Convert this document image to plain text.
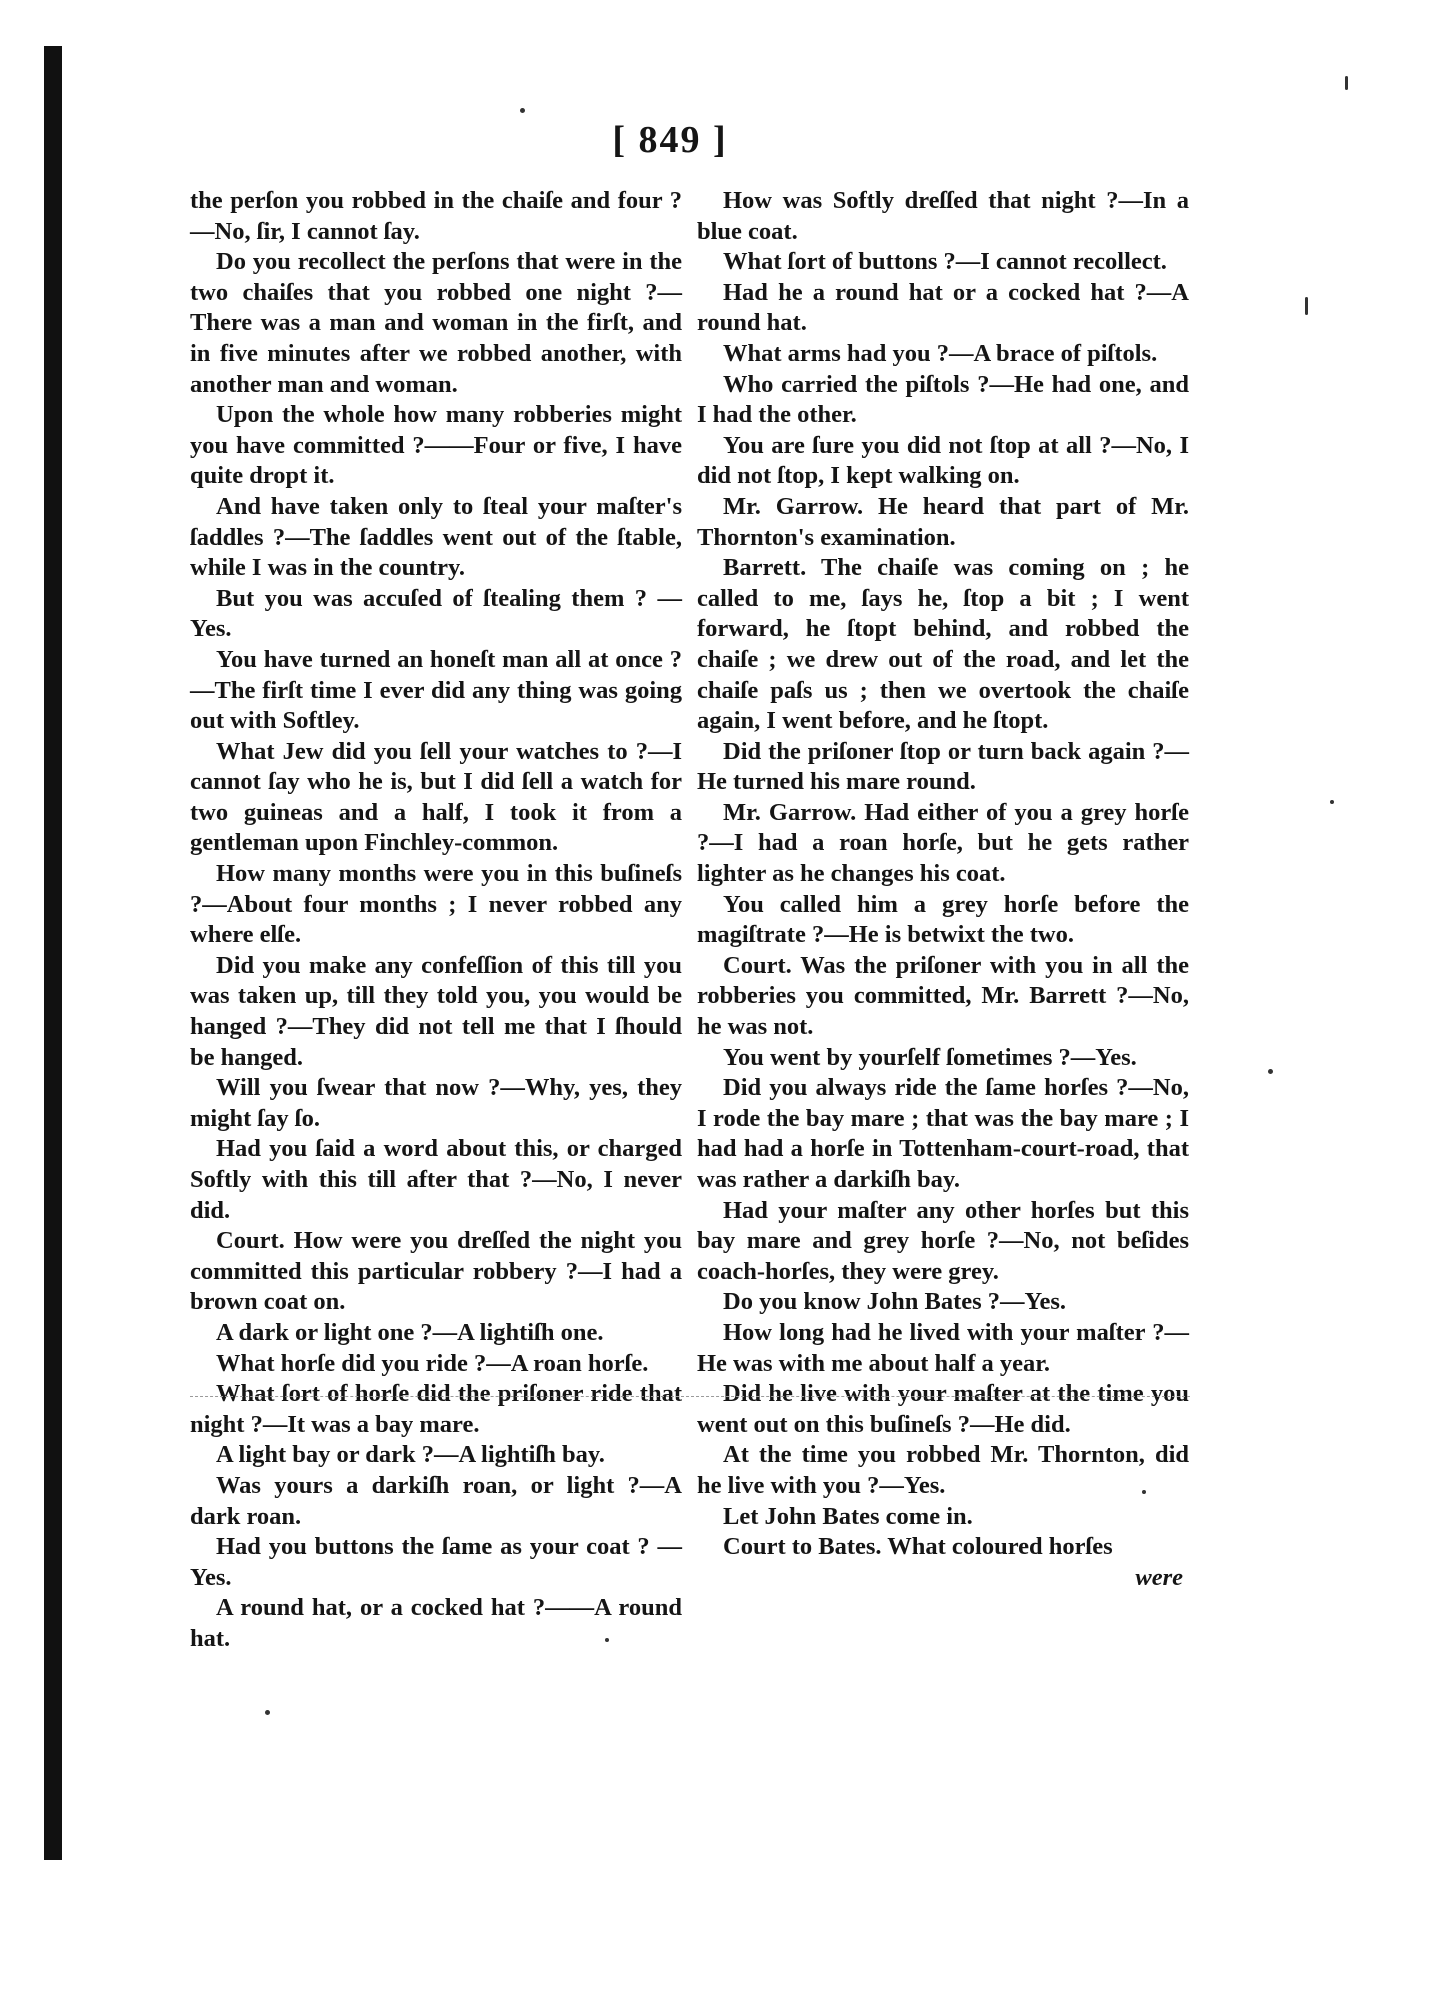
[ 849 ]

the perſon you robbed in the chaiſe and four ?—No, ſir, I cannot ſay.

Do you recollect the perſons that were in the two chaiſes that you robbed one night ?—There was a man and woman in the firſt, and in five minutes after we robbed another, with another man and woman.

Upon the whole how many robberies might you have committed ?——Four or five, I have quite dropt it.

And have taken only to ſteal your maſter's ſaddles ?—The ſaddles went out of the ſtable, while I was in the country.

But you was accuſed of ſtealing them ? —Yes.

You have turned an honeſt man all at once ?—The firſt time I ever did any thing was going out with Softley.

What Jew did you ſell your watches to ?—I cannot ſay who he is, but I did ſell a watch for two guineas and a half, I took it from a gentleman upon Finchley-common.

How many months were you in this buſineſs ?—About four months ; I never robbed any where elſe.

Did you make any confeſſion of this till you was taken up, till they told you, you would be hanged ?—They did not tell me that I ſhould be hanged.

Will you ſwear that now ?—Why, yes, they might ſay ſo.

Had you ſaid a word about this, or charged Softly with this till after that ?—No, I never did.

Court. How were you dreſſed the night you committed this particular robbery ?—I had a brown coat on.

A dark or light one ?—A lightiſh one.

What horſe did you ride ?—A roan horſe.

What ſort of horſe did the priſoner ride that night ?—It was a bay mare.

A light bay or dark ?—A lightiſh bay.

Was yours a darkiſh roan, or light ?—A dark roan.

Had you buttons the ſame as your coat ? —Yes.

A round hat, or a cocked hat ?——A round hat.

How was Softly dreſſed that night ?—In a blue coat.

What ſort of buttons ?—I cannot recollect.

Had he a round hat or a cocked hat ?—A round hat.

What arms had you ?—A brace of piſtols.

Who carried the piſtols ?—He had one, and I had the other.

You are ſure you did not ſtop at all ?—No, I did not ſtop, I kept walking on.

Mr. Garrow. He heard that part of Mr. Thornton's examination.

Barrett. The chaiſe was coming on ; he called to me, ſays he, ſtop a bit ; I went forward, he ſtopt behind, and robbed the chaiſe ; we drew out of the road, and let the chaiſe paſs us ; then we overtook the chaiſe again, I went before, and he ſtopt.

Did the priſoner ſtop or turn back again ?—He turned his mare round.

Mr. Garrow. Had either of you a grey horſe ?—I had a roan horſe, but he gets rather lighter as he changes his coat.

You called him a grey horſe before the magiſtrate ?—He is betwixt the two.

Court. Was the priſoner with you in all the robberies you committed, Mr. Barrett ?—No, he was not.

You went by yourſelf ſometimes ?—Yes.

Did you always ride the ſame horſes ?—No, I rode the bay mare ; that was the bay mare ; I had had a horſe in Tottenham-court-road, that was rather a darkiſh bay.

Had your maſter any other horſes but this bay mare and grey horſe ?—No, not beſides coach-horſes, they were grey.

Do you know John Bates ?—Yes.

How long had he lived with your maſter ?—He was with me about half a year.

Did he live with your maſter at the time you went out on this buſineſs ?—He did.

At the time you robbed Mr. Thornton, did he live with you ?—Yes.

Let John Bates come in.

Court to Bates. What coloured horſes

were
